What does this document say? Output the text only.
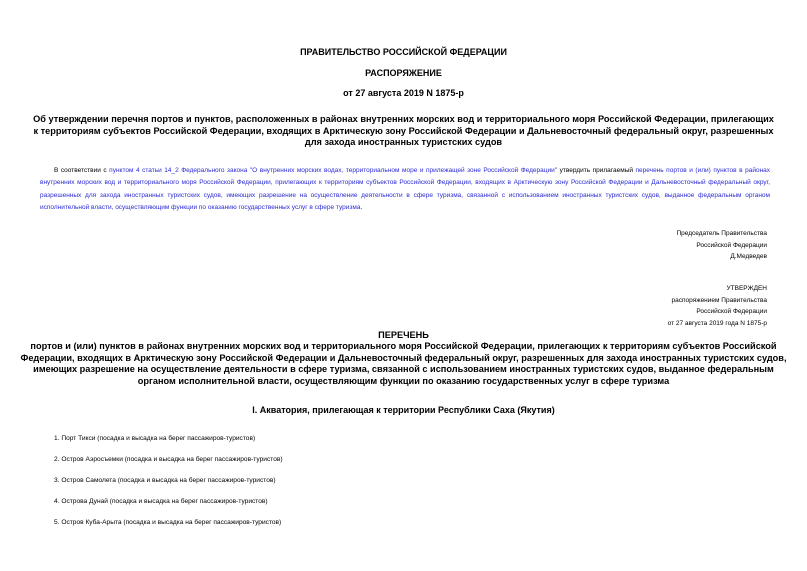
ПРАВИТЕЛЬСТВО РОССИЙСКОЙ ФЕДЕРАЦИИ
РАСПОРЯЖЕНИЕ
от 27 августа 2019 N 1875-р
Об утверждении перечня портов и пунктов, расположенных в районах внутренних морских вод и территориального моря Российской Федерации, прилегающих к территориям субъектов Российской Федерации, входящих в Арктическую зону Российской Федерации и Дальневосточный федеральный округ, разрешенных для захода иностранных туристских судов
В соответствии с пунктом 4 статьи 14_2 Федерального закона "О внутренних морских водах, территориальном море и прилежащей зоне Российской Федерации" утвердить прилагаемый перечень портов и (или) пунктов в районах внутренних морских вод и территориального моря Российской Федерации, прилегающих к территориям субъектов Российской Федерации, входящих в Арктическую зону Российской Федерации и Дальневосточный федеральный округ, разрешенных для захода иностранных туристских судов, имеющих разрешение на осуществление деятельности в сфере туризма, связанной с использованием иностранных туристских судов, выданное федеральным органом исполнительной власти, осуществляющим функции по оказанию государственных услуг в сфере туризма.
Председатель Правительства
Российской Федерации
Д.Медведев
УТВЕРЖДЕН
распоряжением Правительства
Российской Федерации
от 27 августа 2019 года N 1875-р
ПЕРЕЧЕНЬ
портов и (или) пунктов в районах внутренних морских вод и территориального моря Российской Федерации, прилегающих к территориям субъектов Российской Федерации, входящих в Арктическую зону Российской Федерации и Дальневосточный федеральный округ, разрешенных для захода иностранных туристских судов, имеющих разрешение на осуществление деятельности в сфере туризма, связанной с использованием иностранных туристских судов, выданное федеральным органом исполнительной власти, осуществляющим функции по оказанию государственных услуг в сфере туризма
I. Акватория, прилегающая к территории Республики Саха (Якутия)
1. Порт Тикси (посадка и высадка на берег пассажиров-туристов)
2. Остров Аэросъемки (посадка и высадка на берег пассажиров-туристов)
3. Остров Самолета (посадка и высадка на берег пассажиров-туристов)
4. Острова Дунай (посадка и высадка на берег пассажиров-туристов)
5. Остров Куба-Арыта (посадка и высадка на берег пассажиров-туристов)
